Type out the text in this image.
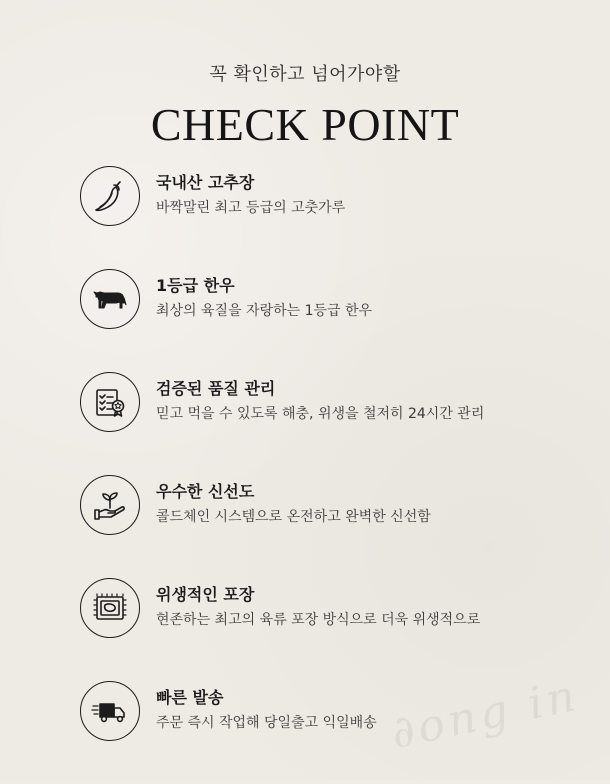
꼭 확인하고 넘어가야할
CHECK POINT
국내산 고추장
바짝말린 최고 등급의 고춧가루
1등급 한우
최상의 육질을 자랑하는 1등급 한우
검증된 품질 관리
믿고 먹을 수 있도록 해충, 위생을 철저히 24시간 관리
우수한 신선도
콜드체인 시스템으로 온전하고 완벽한 신선함
위생적인 포장
현존하는 최고의 육류 포장 방식으로 더욱 위생적으로
빠른 발송
주문 즉시 작업해 당일출고 익일배송 ∂ong in
